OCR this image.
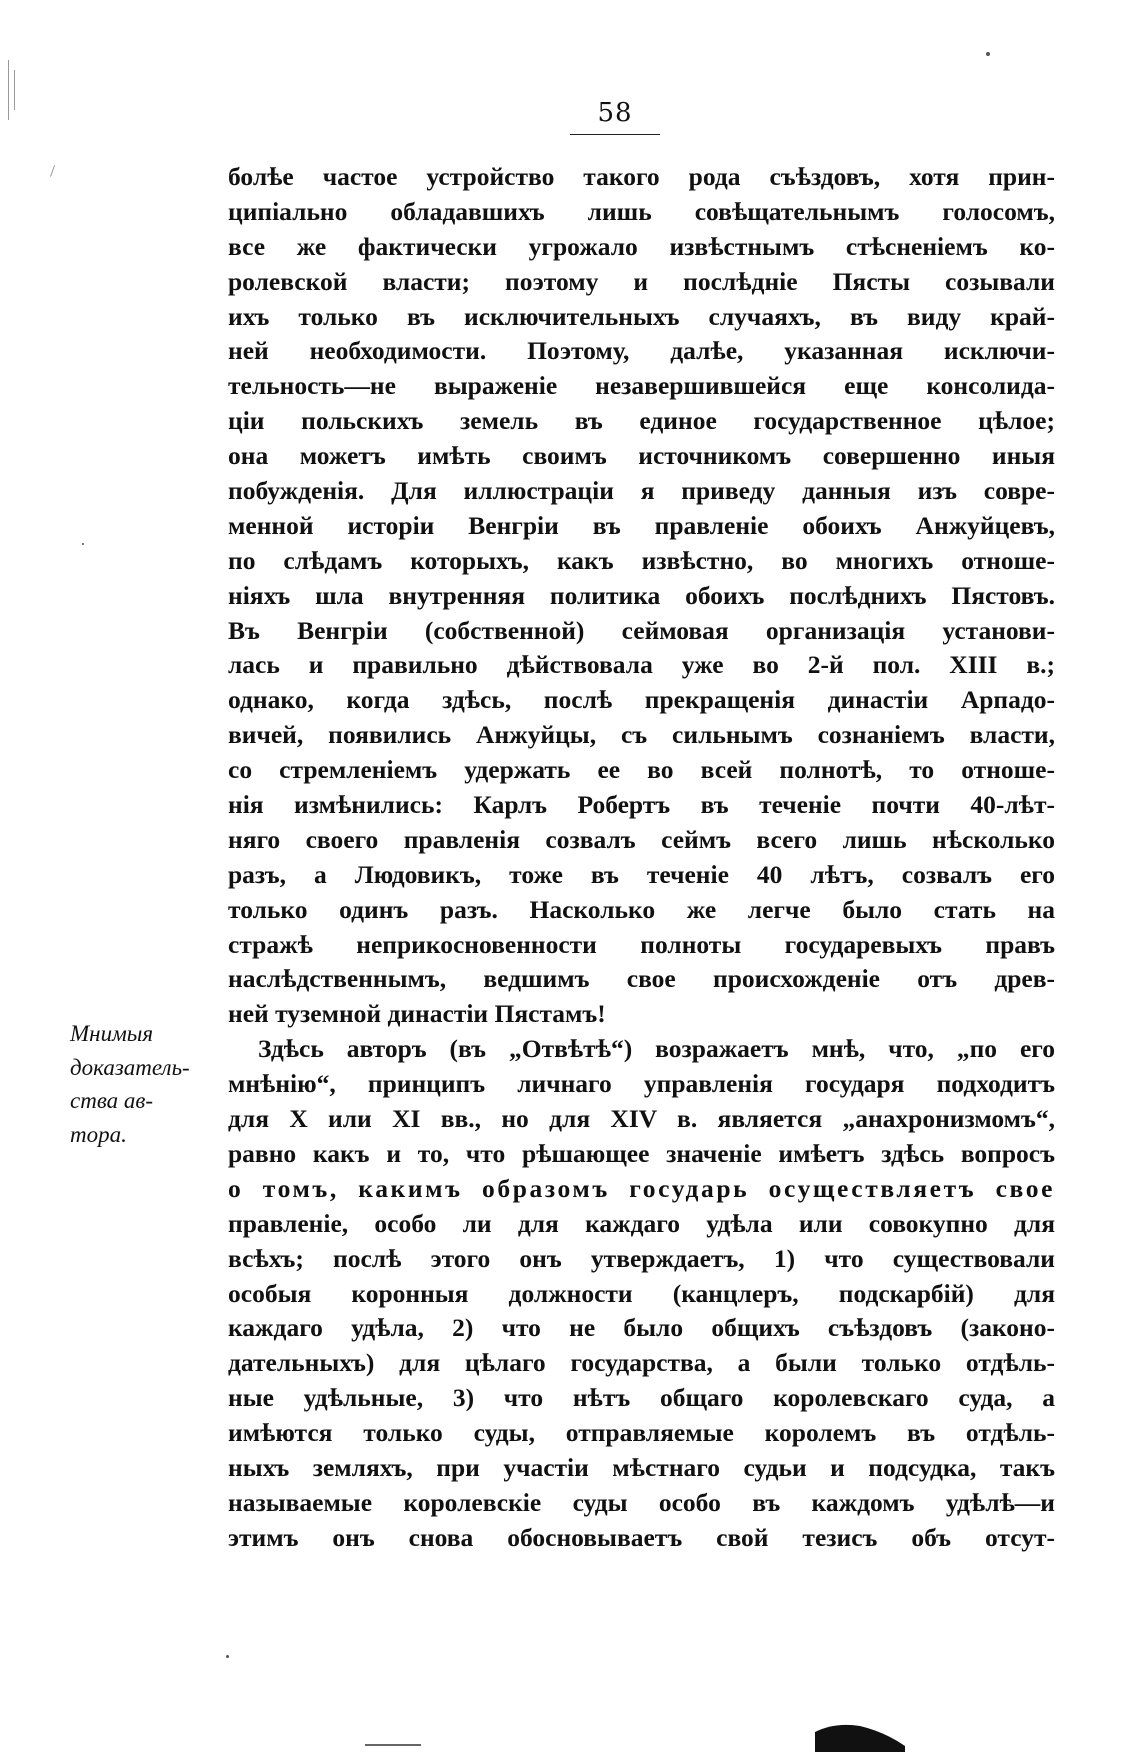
58
Мнимыя
доказатель-
ства ав-
тора.
болѣе частое устройство такого рода съѣздовъ, хотя прин-
ципіально обладавшихъ лишь совѣщательнымъ голосомъ,
все же фактически угрожало извѣстнымъ стѣсненіемъ ко-
ролевской власти; поэтому и послѣдніе Пясты созывали
ихъ только въ исключительныхъ случаяхъ, въ виду край-
ней необходимости. Поэтому, далѣе, указанная исключи-
тельность—не выраженіе незавершившейся еще консолида-
ціи польскихъ земель въ единое государственное цѣлое;
она можетъ имѣть своимъ источникомъ совершенно иныя
побужденія. Для иллюстраціи я приведу данныя изъ совре-
менной исторіи Венгріи въ правленіе обоихъ Анжуйцевъ,
по слѣдамъ которыхъ, какъ извѣстно, во многихъ отноше-
ніяхъ шла внутренняя политика обоихъ послѣднихъ Пястовъ.
Въ Венгріи (собственной) сеймовая организація установи-
лась и правильно дѣйствовала уже во 2-й пол. XIII в.;
однако, когда здѣсь, послѣ прекращенія династіи Арпадо-
вичей, появились Анжуйцы, съ сильнымъ сознаніемъ власти,
со стремленіемъ удержать ее во всей полнотѣ, то отноше-
нія измѣнились: Карлъ Робертъ въ теченіе почти 40-лѣт-
няго своего правленія созвалъ сеймъ всего лишь нѣсколько
разъ, а Людовикъ, тоже въ теченіе 40 лѣтъ, созвалъ его
только одинъ разъ. Насколько же легче было стать на
стражѣ неприкосновенности полноты государевыхъ правъ
наслѣдственнымъ, ведшимъ свое происхожденіе отъ древ-
ней туземной династіи Пястамъ!
Здѣсь авторъ (въ „Отвѣтѣ“) возражаетъ мнѣ, что, „по его
мнѣнію“, принципъ личнаго управленія государя подходитъ
для X или XI вв., но для XIV в. является „анахронизмомъ“,
равно какъ и то, что рѣшающее значеніе имѣетъ здѣсь вопросъ
о томъ, какимъ образомъ государь осуществляетъ свое
правленіе, особо ли для каждаго удѣла или совокупно для
всѣхъ; послѣ этого онъ утверждаетъ, 1) что существовали
особыя коронныя должности (канцлеръ, подскарбій) для
каждаго удѣла, 2) что не было общихъ съѣздовъ (законо-
дательныхъ) для цѣлаго государства, а были только отдѣль-
ные удѣльные, 3) что нѣтъ общаго королевскаго суда, а
имѣются только суды, отправляемые королемъ въ отдѣль-
ныхъ земляхъ, при участіи мѣстнаго судьи и подсудка, такъ
называемые королевскіе суды особо въ каждомъ удѣлѣ—и
этимъ онъ снова обосновываетъ свой тезисъ объ отсут-
